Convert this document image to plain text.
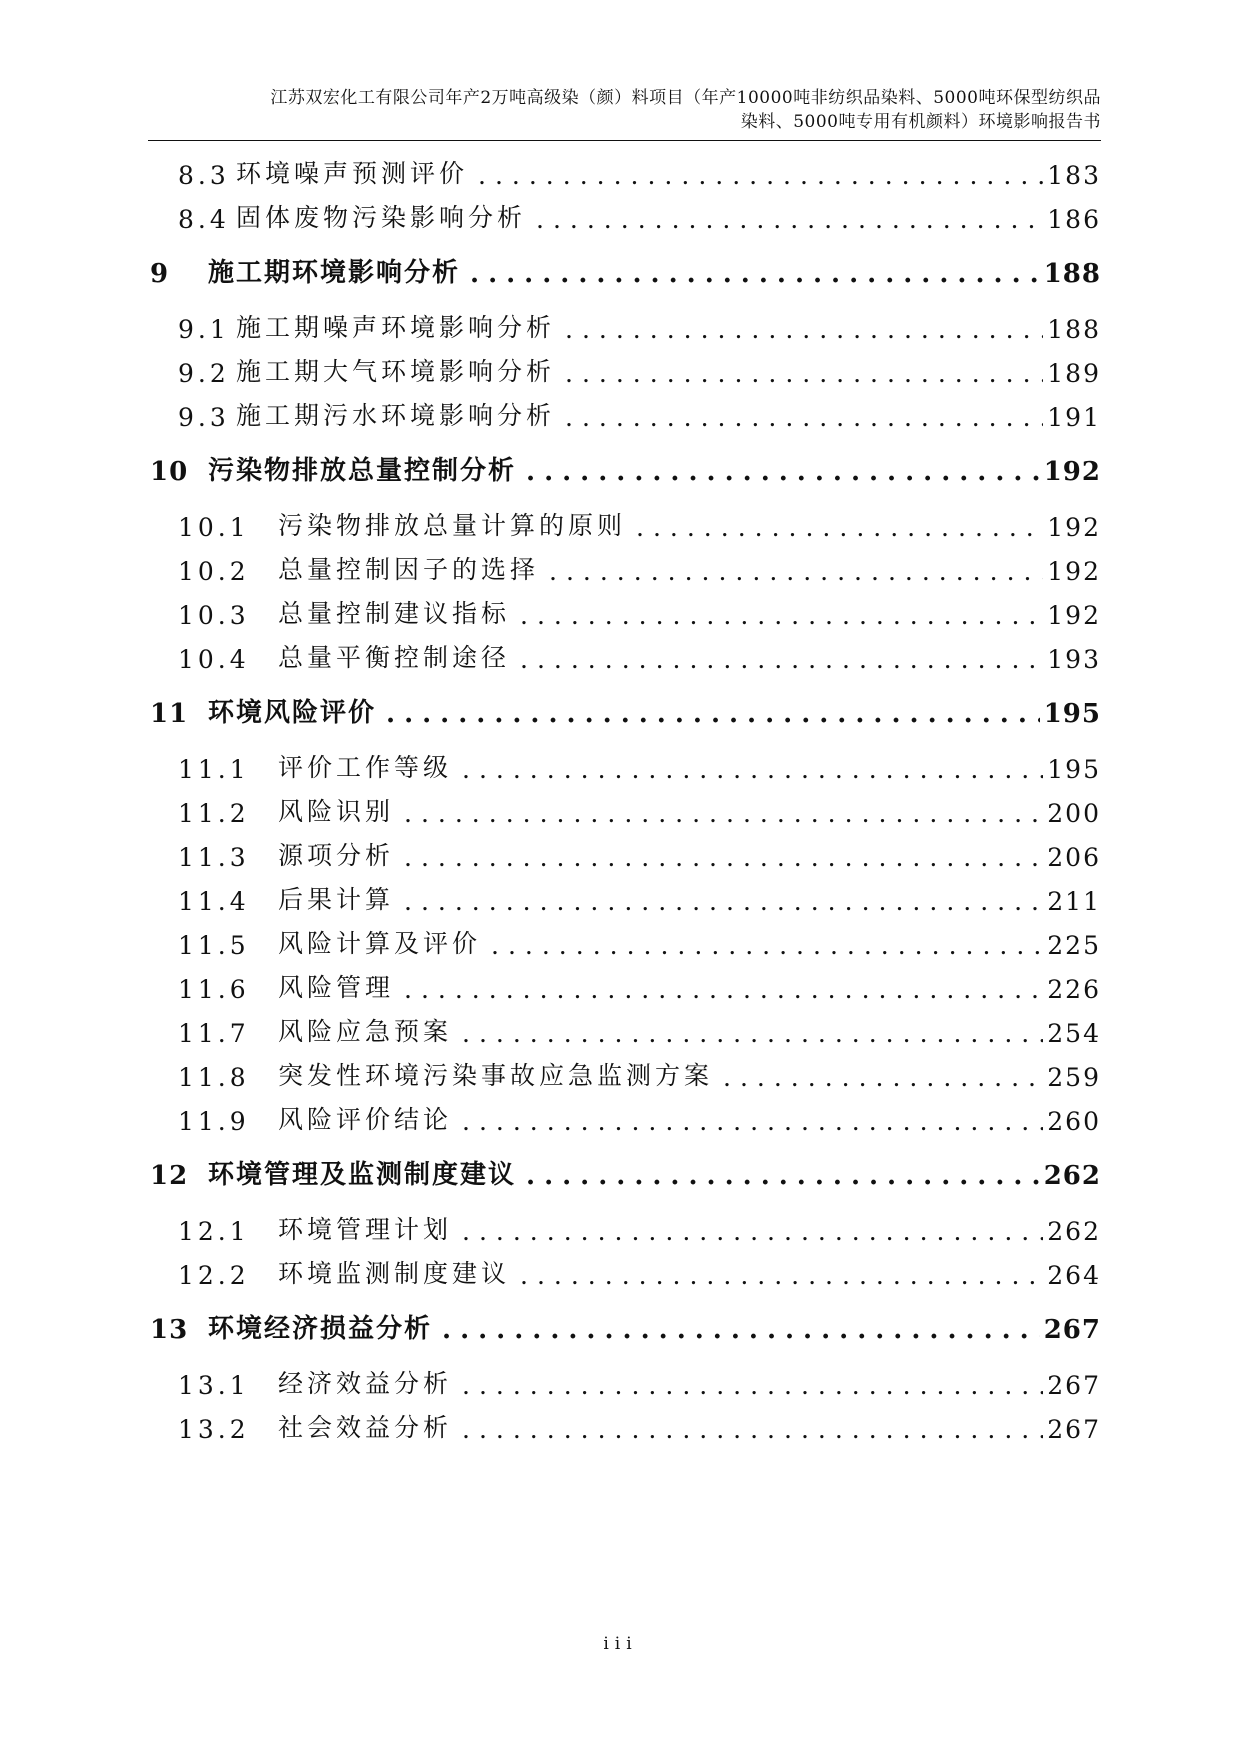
江苏双宏化工有限公司年产2万吨高级染（颜）料项目（年产10000吨非纺织品染料、5000吨环保型纺织品
染料、5000吨专用有机颜料）环境影响报告书
8.3 环境噪声预测评价 .....	183
8.4 固体废物污染影响分析 .....	186
9	施工期环境影响分析 .....	188
9.1 施工期噪声环境影响分析 .....	188
9.2 施工期大气环境影响分析 .....	189
9.3 施工期污水环境影响分析 .....	191
10 污染物排放总量控制分析 .....	192
10.1	污染物排放总量计算的原则 .....	192
10.2	总量控制因子的选择 .....	192
10.3	总量控制建议指标 .....	192
10.4	总量平衡控制途径 .....	193
11 环境风险评价 .....	195
11.1	评价工作等级 .....	195
11.2	风险识别 .....	200
11.3	源项分析 .....	206
11.4	后果计算 .....	211
11.5	风险计算及评价 .....	225
11.6	风险管理 .....	226
11.7	风险应急预案 .....	254
11.8	突发性环境污染事故应急监测方案 .....	259
11.9	风险评价结论 .....	260
12 环境管理及监测制度建议 .....	262
12.1	环境管理计划 .....	262
12.2	环境监测制度建议 .....	264
13 环境经济损益分析 .....	267
13.1	经济效益分析 .....	267
13.2	社会效益分析 .....	267
iii
